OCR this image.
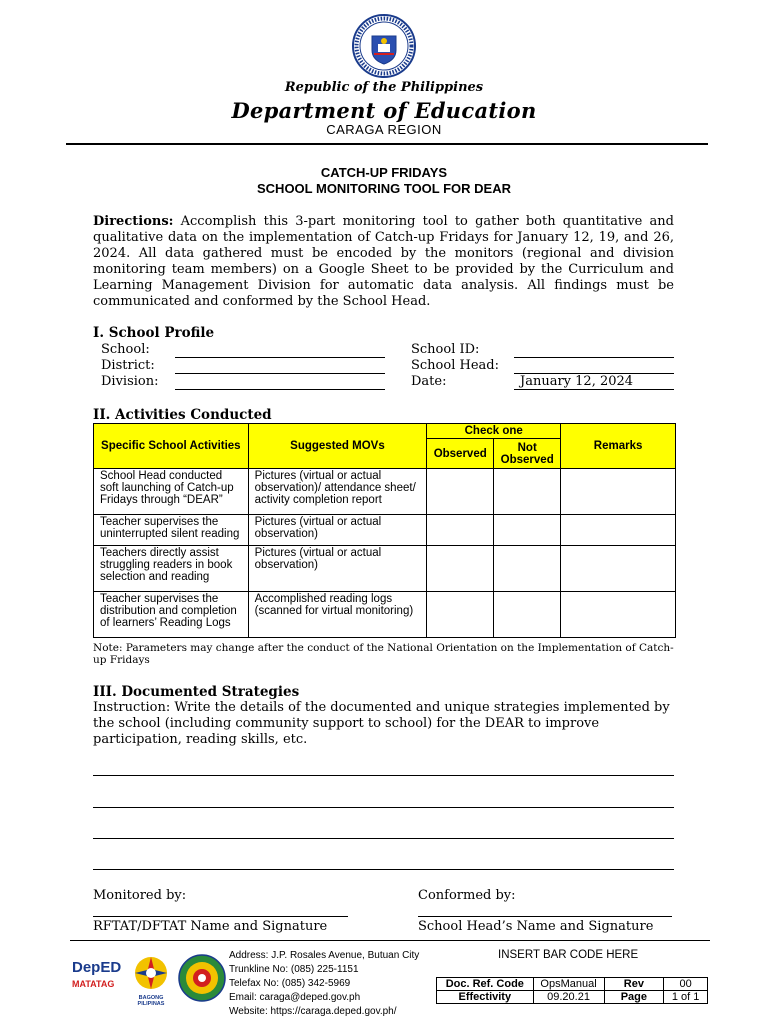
Republic of the Philippines
Department of Education
CARAGA REGION
CATCH-UP FRIDAYS
SCHOOL MONITORING TOOL FOR DEAR
Directions: Accomplish this 3-part monitoring tool to gather both quantitative and qualitative data on the implementation of Catch-up Fridays for January 12, 19, and 26, 2024. All data gathered must be encoded by the monitors (regional and division monitoring team members) on a Google Sheet to be provided by the Curriculum and Learning Management Division for automatic data analysis. All findings must be communicated and conformed by the School Head.
I. School Profile
School:
District:
Division:
School ID:
School Head:
Date:	January 12, 2024
II. Activities Conducted
Specific School Activities	Suggested MOVs	Check one		Remarks
		Observed	Not Observed	
School Head conducted soft launching of Catch-up Fridays through “DEAR”	Pictures (virtual or actual observation)/ attendance sheet/ activity completion report			
Teacher supervises the uninterrupted silent reading	Pictures (virtual or actual observation)			
Teachers directly assist struggling readers in book selection and reading	Pictures (virtual or actual observation)			
Teacher supervises the distribution and completion of learners’ Reading Logs	Accomplished reading logs (scanned for virtual monitoring)			
Note: Parameters may change after the conduct of the National Orientation on the Implementation of Catch-up Fridays
III. Documented Strategies
Instruction: Write the details of the documented and unique strategies implemented by the school (including community support to school) for the DEAR to improve participation, reading skills, etc.
Monitored by:	Conformed by:
RFTAT/DFTAT Name and Signature	School Head’s Name and Signature
DepED
MATATAG
BAGONG PILIPINAS
Address: J.P. Rosales Avenue, Butuan City
Trunkline No: (085) 225-1151
Telefax No: (085) 342-5969
Email: caraga@deped.gov.ph
Website: https://caraga.deped.gov.ph/
INSERT BAR CODE HERE
Doc. Ref. Code	OpsManual	Rev	00
Effectivity	09.20.21	Page	1 of 1
